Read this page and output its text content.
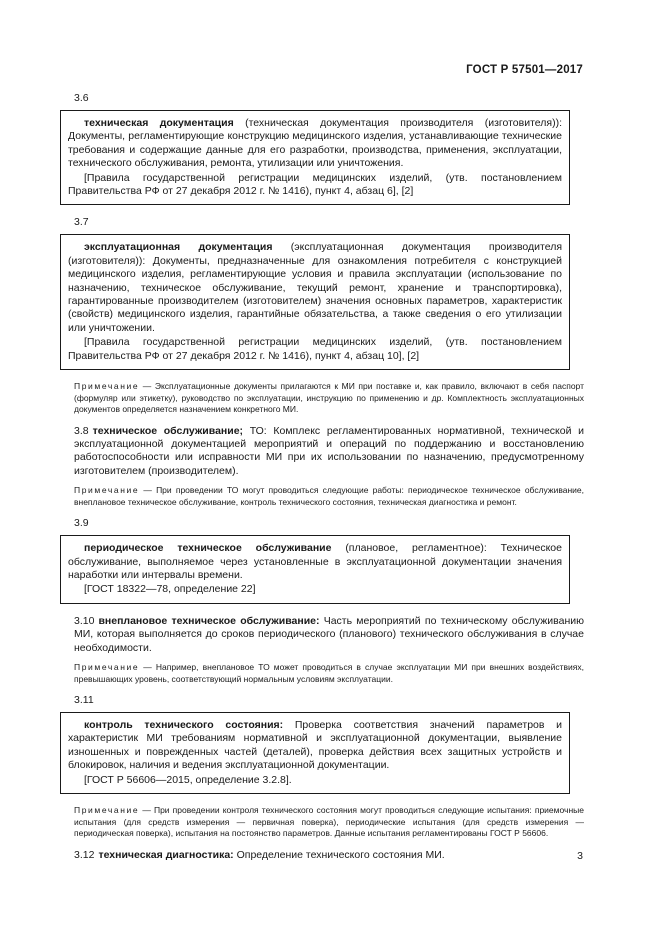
ГОСТ Р 57501—2017
3.6

техническая документация (техническая документация производителя (изготовителя)): Документы, регламентирующие конструкцию медицинского изделия, устанавливающие технические требования и содержащие данные для его разработки, производства, применения, эксплуатации, технического обслуживания, ремонта, утилизации или уничтожения.

[Правила государственной регистрации медицинских изделий, (утв. постановлением Правительства РФ от 27 декабря 2012 г. № 1416), пункт 4, абзац 6], [2]

3.7

эксплуатационная документация (эксплуатационная документация производителя (изготовителя)): Документы, предназначенные для ознакомления потребителя с конструкцией медицинского изделия, регламентирующие условия и правила эксплуатации (использование по назначению, техническое обслуживание, текущий ремонт, хранение и транспортировка), гарантированные производителем (изготовителем) значения основных параметров, характеристик (свойств) медицинского изделия, гарантийные обязательства, а также сведения о его утилизации или уничтожении.

[Правила государственной регистрации медицинских изделий, (утв. постановлением Правительства РФ от 27 декабря 2012 г. № 1416), пункт 4, абзац 10], [2]

Примечание — Эксплуатационные документы прилагаются к МИ при поставке и, как правило, включают в себя паспорт (формуляр или этикетку), руководство по эксплуатации, инструкцию по применению и др. Комплектность эксплуатационных документов определяется назначением конкретного МИ.

3.8 техническое обслуживание; ТО: Комплекс регламентированных нормативной, технической и эксплуатационной документацией мероприятий и операций по поддержанию и восстановлению работоспособности или исправности МИ при их использовании по назначению, предусмотренному изготовителем (производителем).

Примечание — При проведении ТО могут проводиться следующие работы: периодическое техническое обслуживание, внеплановое техническое обслуживание, контроль технического состояния, техническая диагностика и ремонт.

3.9

периодическое техническое обслуживание (плановое, регламентное): Техническое обслуживание, выполняемое через установленные в эксплуатационной документации значения наработки или интервалы времени.

[ГОСТ 18322—78, определение 22]

3.10 внеплановое техническое обслуживание: Часть мероприятий по техническому обслуживанию МИ, которая выполняется до сроков периодического (планового) технического обслуживания в случае необходимости.

Примечание — Например, внеплановое ТО может проводиться в случае эксплуатации МИ при внешних воздействиях, превышающих уровень, соответствующий нормальным условиям эксплуатации.

3.11

контроль технического состояния: Проверка соответствия значений параметров и характеристик МИ требованиям нормативной и эксплуатационной документации, выявление изношенных и поврежденных частей (деталей), проверка действия всех защитных устройств и блокировок, наличия и ведения эксплуатационной документации.

[ГОСТ Р 56606—2015, определение 3.2.8].

Примечание — При проведении контроля технического состояния могут проводиться следующие испытания: приемочные испытания (для средств измерения — первичная поверка), периодические испытания (для средств измерения — периодическая поверка), испытания на постоянство параметров. Данные испытания регламентированы ГОСТ Р 56606.

3.12 техническая диагностика: Определение технического состояния МИ.	3
